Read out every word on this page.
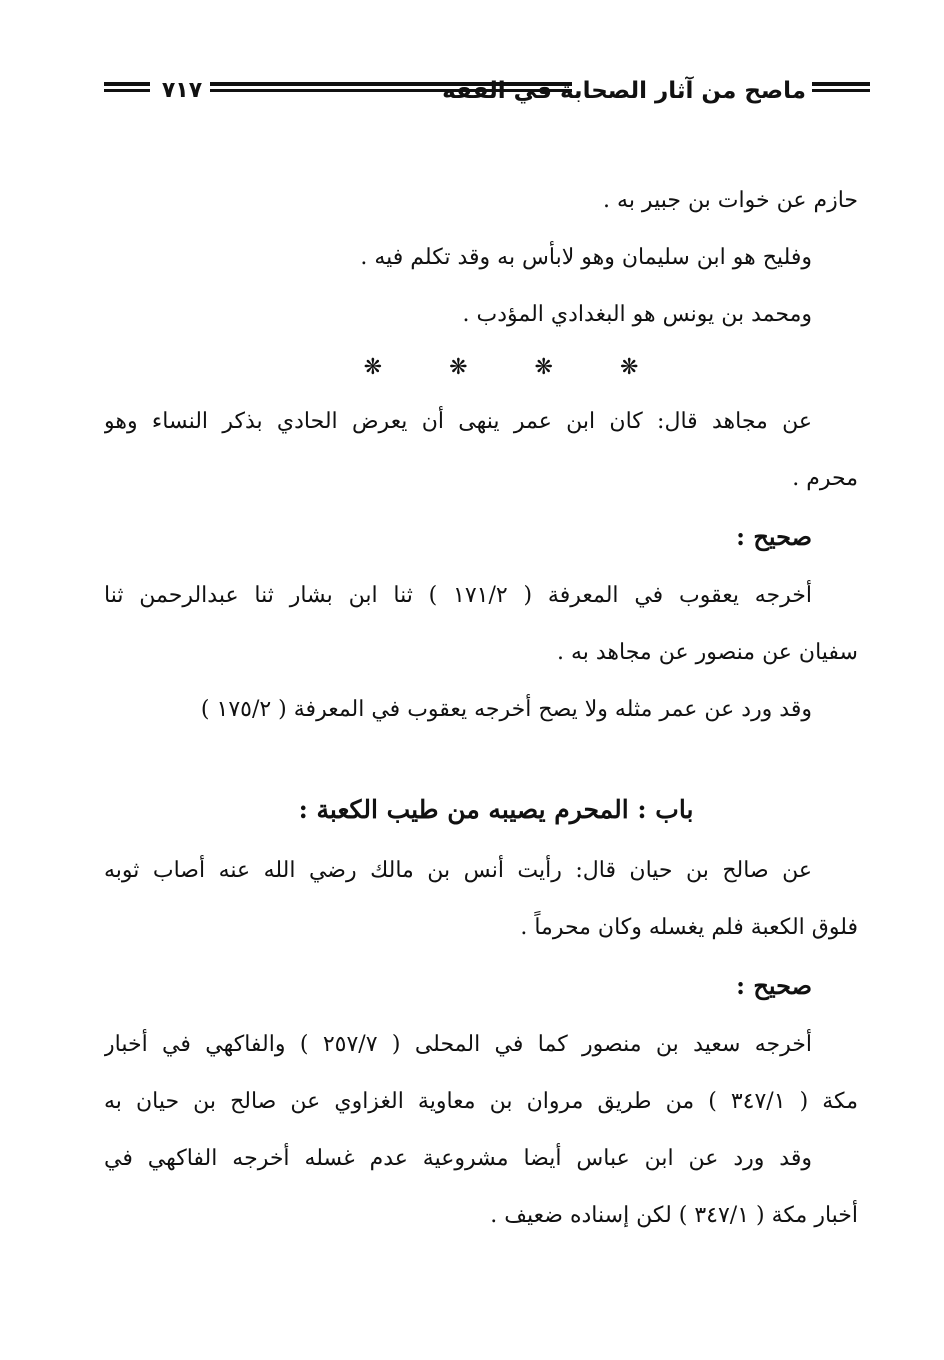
٧١٧	ماصح من آثار الصحابة في الفقه
حازم عن خوات بن جبير به .
وفليح هو ابن سليمان وهو لابأس به وقد تكلم فيه .
ومحمد بن يونس هو البغدادي المؤدب .
❋ ❋ ❋ ❋
عن مجاهد قال: كان ابن عمر ينهى أن يعرض الحادي بذكر النساء وهو
محرم .
صحيح :
أخرجه يعقوب في المعرفة ( ١٧١/٢ ) ثنا ابن بشار ثنا عبدالرحمن ثنا
سفيان عن منصور عن مجاهد به .
وقد ورد عن عمر مثله ولا يصح أخرجه يعقوب في المعرفة ( ١٧٥/٢ )
باب : المحرم يصيبه من طيب الكعبة :
عن صالح بن حيان قال: رأيت أنس بن مالك رضي الله عنه أصاب ثوبه
فلوق الكعبة فلم يغسله وكان محرماً .
صحيح :
أخرجه سعيد بن منصور كما في المحلى ( ٢٥٧/٧ ) والفاكهي في أخبار
مكة ( ٣٤٧/١ ) من طريق مروان بن معاوية الغزاوي عن صالح بن حيان به
وقد ورد عن ابن عباس أيضا مشروعية عدم غسله أخرجه الفاكهي في
أخبار مكة ( ٣٤٧/١ ) لكن إسناده ضعيف .
